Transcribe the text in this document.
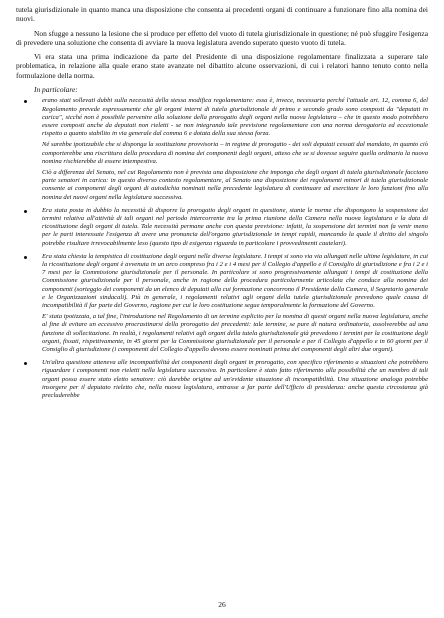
tutela giurisdizionale in quanto manca una disposizione che consenta ai precedenti organi di continuare a funzionare fino alla nomina dei nuovi.

Non sfugge a nessuno la lesione che si produce per effetto del vuoto di tutela giurisdizionale in questione; né può sfuggire l'esigenza di prevedere una soluzione che consenta di avviare la nuova legislatura avendo superato questo vuoto di tutela.

Vi era stata una prima indicazione da parte del Presidente di una disposizione regolamentare finalizzata a superare tale problematica, in relazione alla quale erano state avanzate nel dibattito alcune osservazioni, di cui i relatori hanno tenuto conto nella formulazione della norma.

In particolare:

erano stati sollevati dubbi sulla necessità della stessa modifica regolamentare: essa è, invece, necessaria perché l'attuale art. 12, comma 6, del Regolamento prevede espressamente che gli organi interni di tutela giurisdizionale di primo e secondo grado sono composti da "deputati in carica", sicché non è possibile pervenire alla soluzione della prorogatio degli organi nella nuova legislatura – che in questo modo potrebbero essere composti anche da deputati non rieletti - se non integrando tale previsione regolamentare con una norma derogatoria ed eccezionale rispetto a quanto stabilito in via generale dal comma 6 e dotata della sua stessa forza.

Né sarebbe ipotizzabile che si disponga la sostituzione provvisoria – in regime di prorogatio - dei soli deputati cessati dal mandato, in quanto ciò comporterebbe una riscrittura della procedura di nomina dei componenti degli organi, atteso che se si dovesse seguire quella ordinaria la nuova nomina rischierebbe di essere intempestiva.

Ciò a differenza del Senato, nel cui Regolamento non è prevista una disposizione che imponga che degli organi di tutela giurisdizionale facciano parte senatori in carica: in questo diverso contesto regolamentare, al Senato una disposizione dei regolamenti minori di tutela giurisdizionale consente ai componenti degli organi di autodichia nominati nella precedente legislatura di continuare ad esercitare le loro funzioni fino alla nomina dei nuovi organi nella legislatura successiva.

Era stata posta in dubbio la necessità di disporre la prorogatio degli organi in questione, stante le norme che dispongono la sospensione dei termini relativa all'attività di tali organi nel periodo intercorrente tra la prima riunione della Camera nella nuova legislatura e la data di ricostituzione degli organi di tutela. Tale necessità permane anche con questa previsione: infatti, la sospensione dei termini non fa venir meno per le parti interessate l'esigenza di avere una pronuncia dell'organo giurisdizionale in tempi rapidi, mancando la quale il diritto del singolo potrebbe risultare irrevocabilmente leso (questo tipo di esigenza riguarda in particolare i provvedimenti cautelari).

Era stata chiesta la tempistica di costituzione degli organi nelle diverse legislature. I tempi si sono via via allungati nelle ultime legislature, in cui la ricostituzione degli organi è avvenuta in un arco compreso fra i 2 e i 4 mesi per il Collegio d'appello e il Consiglio di giurisdizione e fra i 2 e i 7 mesi per la Commissione giurisdizionale per il personale. In particolare si sono progressivamente allungati i tempi di costituzione della Commissione giurisdizionale per il personale, anche in ragione della procedura particolarmente articolata che conduce alla nomina dei componenti (sorteggio dei componenti da un elenco di deputati alla cui formazione concorrono il Presidente della Camera, il Segretario generale e le Organizzazioni sindacali). Più in generale, i regolamenti relativi agli organi della tutela giurisdizionale prevedono quale causa di incompatibilità il far parte del Governo, ragione per cui le loro costituzione segue temporalmente la formazione del Governo.

E' stata ipotizzata, a tal fine, l'introduzione nel Regolamento di un termine esplicito per la nomina di questi organi nella nuova legislatura, anche al fine di evitare un eccessivo procrastinarsi della prorogatio dei precedenti: tale termine, se pure di natura ordinatoria, assolverebbe ad una funzione di sollecitazione. In realtà, i regolamenti relativi agli organi della tutela giurisdizionale già prevedono i termini per la costituzione degli organi, fissati, rispettivamente, in 45 giorni per la Commissione giurisdizionale per il personale e per il Collegio d'appello e in 60 giorni per il Consiglio di giurisdizione (i componenti del Collegio d'appello devono essere nominati prima dei componenti degli altri due organi).

Un'altra questione atteneva alle incompatibilità dei componenti degli organi in prorogatio, con specifico riferimento a situazioni che potrebbero riguardare i componenti non rieletti nella legislatura successiva. In particolare è stato fatto riferimento alla possibilità che un membro di tali organi possa essere stato eletto senatore: ciò darebbe origine ad un'evidente situazione di incompatibilità. Una situazione analoga potrebbe insorgere per il deputato rieletto che, nella nuova legislatura, entrasse a far parte dell'Ufficio di presidenza: anche questa circostanza già precluderebbe

26
